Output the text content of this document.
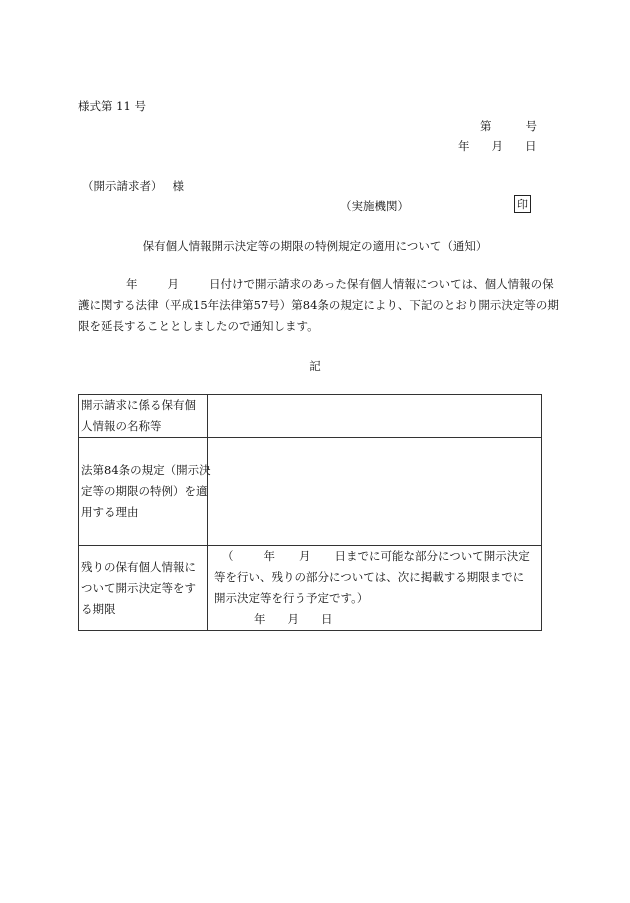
様式第 11 号
第	号
年 月 日
（開示請求者） 様
（実施機関）	印
保有個人情報開示決定等の期限の特例規定の適用について（通知）
年	月	日付けで開示請求のあった保有個人情報については、個人情報の保
護に関する法律（平成15年法律第57号）第84条の規定により、下記のとおり開示決定等の期
限を延長することとしましたので通知します。
記
開示請求に係る保有個
人情報の名称等	

法第84条の規定（開示決
定等の期限の特例）を適
用する理由	

残りの保有個人情報に
ついて開示決定等をす
る期限	（ 年 月 日までに可能な部分について開示決定
等を行い、残りの部分については、次に掲載する期限までに
開示決定等を行う予定です。）
年 月 日
